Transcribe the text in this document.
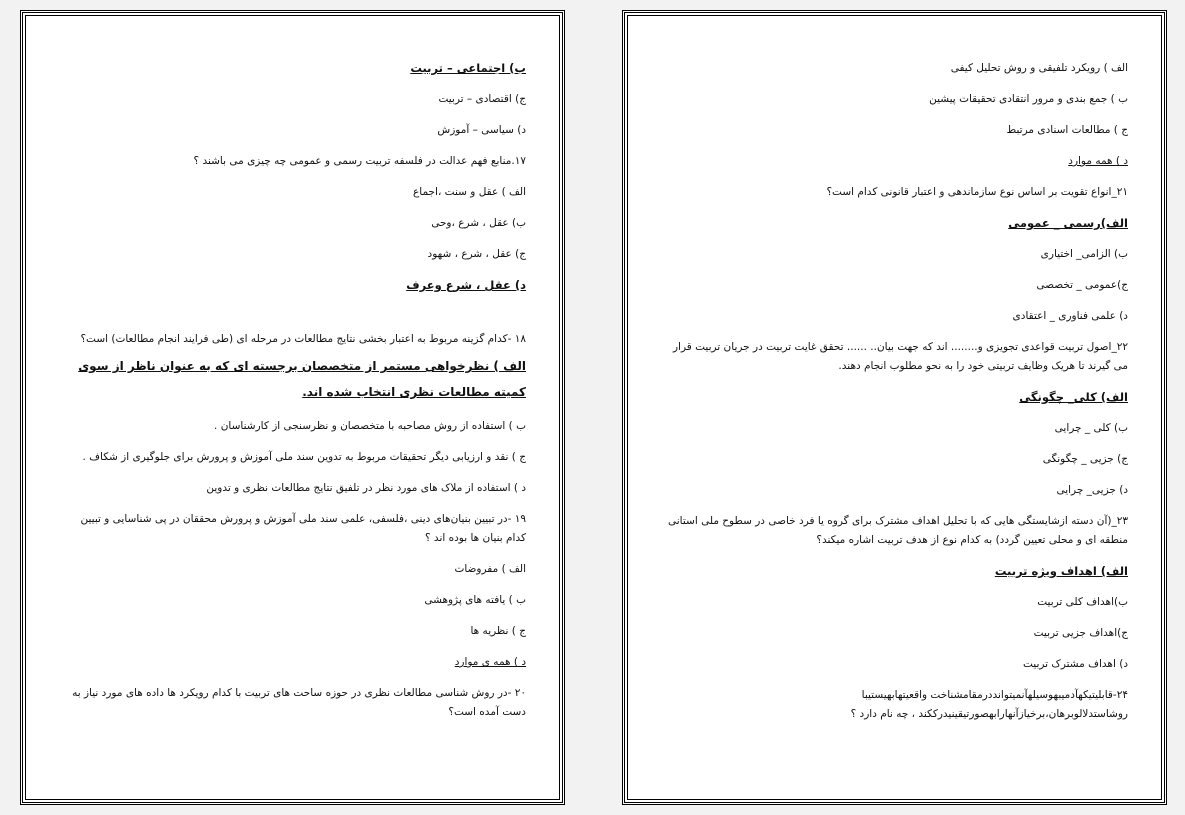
ب) اجتماعی – تربیت

ج) اقتصادی – تربیت

د) سیاسی – آموزش

۱۷.منابع فهم عدالت در فلسفه تربیت رسمی و عمومی چه چیزی می باشند ؟

الف ) عقل و سنت ،اجماع

ب) عقل ، شرع ،وحی

ج) عقل ، شرع ، شهود

د) عقل ، شرع وعرف

۱۸ -کدام گزینه مربوط به اعتبار بخشی نتایج مطالعات در مرحله ای (طی فرایند انجام مطالعات) است؟

الف ) نظرخواهی مستمر از متخصصان برجسته ای که به عنوان ناظر از سوی کمیته مطالعات نظری انتخاب شده اند.

ب ) استفاده از روش مصاحبه با متخصصان و نظرسنجی از کارشناسان .

ج ) نقد و ارزیابی دیگر تحقیقات مربوط به تدوین سند ملی آموزش و پرورش برای جلوگیری از شکاف .

د ) استفاده از ملاک های مورد نظر در تلفیق نتایج مطالعات نظری و تدوین

۱۹ -در تبیین بنیان‌های دینی ،فلسفی، علمی سند ملی آموزش و پرورش محققان در پی شناسایی و تبیین کدام بنیان ها بوده اند ؟

الف ) مفروضات

ب ) یافته های پژوهشی

ج ) نظریه ها

د ) همه ی موارد

۲۰ -در روش شناسی مطالعات نظری در حوزه ساحت های تربیت با کدام رویکرد ها داده های مورد نیاز به دست آمده است؟

الف ) رویکرد تلفیقی و روش تحلیل کیفی

ب ) جمع بندی و مرور انتقادی تحقیقات پیشین

ج ) مطالعات اسنادی مرتبط

د ) همه موارد

۲۱_انواع تقویت بر اساس نوع سازماندهی و اعتبار قانونی کدام است؟

الف)رسمی _ عمومی

ب) الزامی_ اختیاری

ج)عمومی _ تخصصی

د) علمی فناوری _ اعتقادی

۲۲_اصول تربیت قواعدی تجویزی و........ اند که جهت بیان.. ...... تحقق غایت تربیت در جریان تربیت قرار می گیرند تا هریک وظایف تربیتی خود را به نحو مطلوب انجام دهند.

الف) کلی_ چگونگی

ب) کلی _ چرایی

ج) جزیی _ چگونگی

د) جزیی_ چرایی

۲۳_(آن دسته ازشایستگی هایی که با تحلیل اهداف مشترک برای گروه یا فرد خاصی در سطوح ملی استانی منطقه ای و محلی تعیین گردد) به کدام نوع از هدف تربیت اشاره میکند؟

الف) اهداف ویژه تربیت

ب)اهداف کلی تربیت

ج)اهداف جزیی تربیت

د) اهداف مشترک تربیت

۲۴-قابلیتیکهآدمیبهوسیلهآنمیتوانددرمقامشناخت واقعیتهابهیستیبا روشاستدلالوبرهان،برخیازآنهارابهصورتیقینیدرککند ، چه نام دارد ؟
